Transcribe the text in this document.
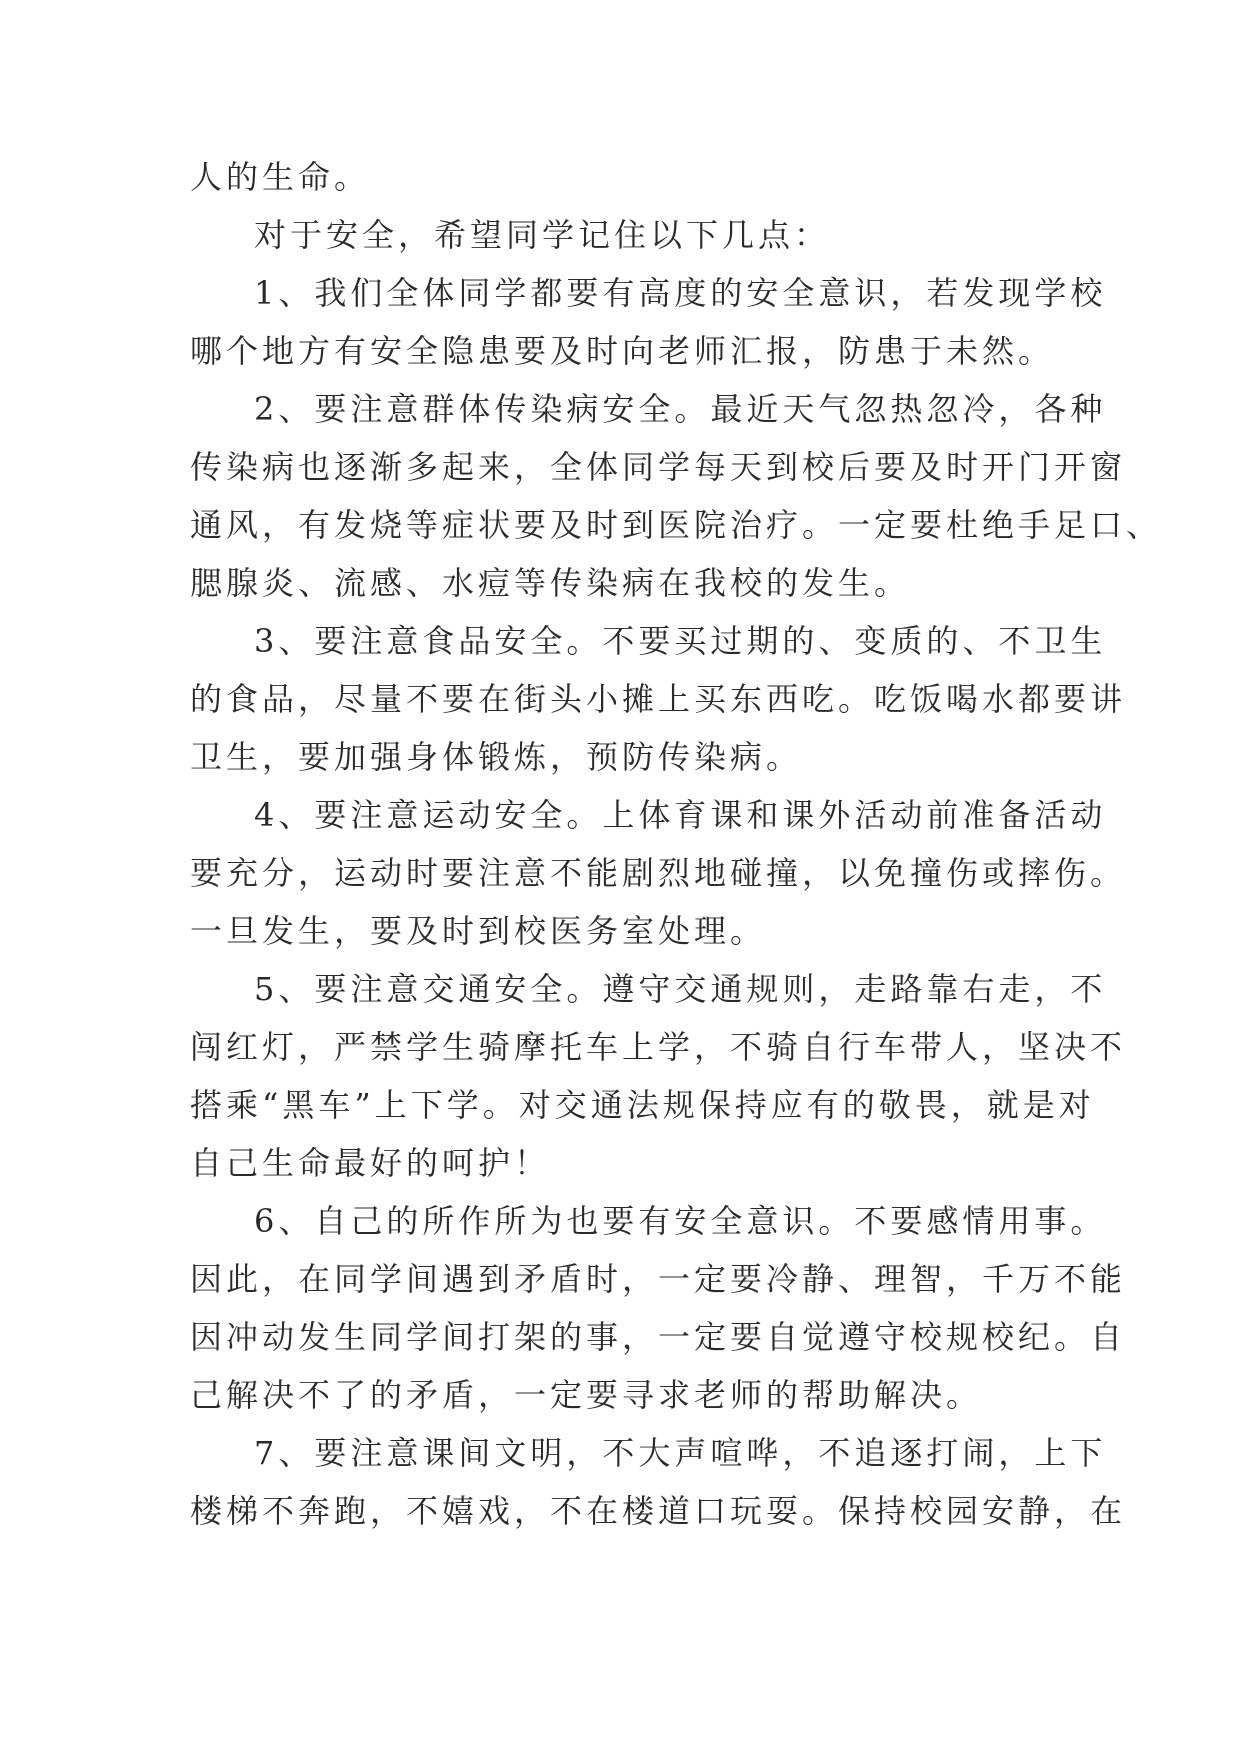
人的生命。
对于安全，希望同学记住以下几点：
1、我们全体同学都要有高度的安全意识，若发现学校
哪个地方有安全隐患要及时向老师汇报，防患于未然。
2、要注意群体传染病安全。最近天气忽热忽冷，各种
传染病也逐渐多起来，全体同学每天到校后要及时开门开窗
通风，有发烧等症状要及时到医院治疗。一定要杜绝手足口、
腮腺炎、流感、水痘等传染病在我校的发生。
3、要注意食品安全。不要买过期的、变质的、不卫生
的食品，尽量不要在街头小摊上买东西吃。吃饭喝水都要讲
卫生，要加强身体锻炼，预防传染病。
4、要注意运动安全。上体育课和课外活动前准备活动
要充分，运动时要注意不能剧烈地碰撞，以免撞伤或摔伤。
一旦发生，要及时到校医务室处理。
5、要注意交通安全。遵守交通规则，走路靠右走，不
闯红灯，严禁学生骑摩托车上学，不骑自行车带人，坚决不
搭乘“黑车”上下学。对交通法规保持应有的敬畏，就是对
自己生命最好的呵护！
6、自己的所作所为也要有安全意识。不要感情用事。
因此，在同学间遇到矛盾时，一定要冷静、理智，千万不能
因冲动发生同学间打架的事，一定要自觉遵守校规校纪。自
己解决不了的矛盾，一定要寻求老师的帮助解决。
7、要注意课间文明，不大声喧哗，不追逐打闹，上下
楼梯不奔跑，不嬉戏，不在楼道口玩耍。保持校园安静，在
